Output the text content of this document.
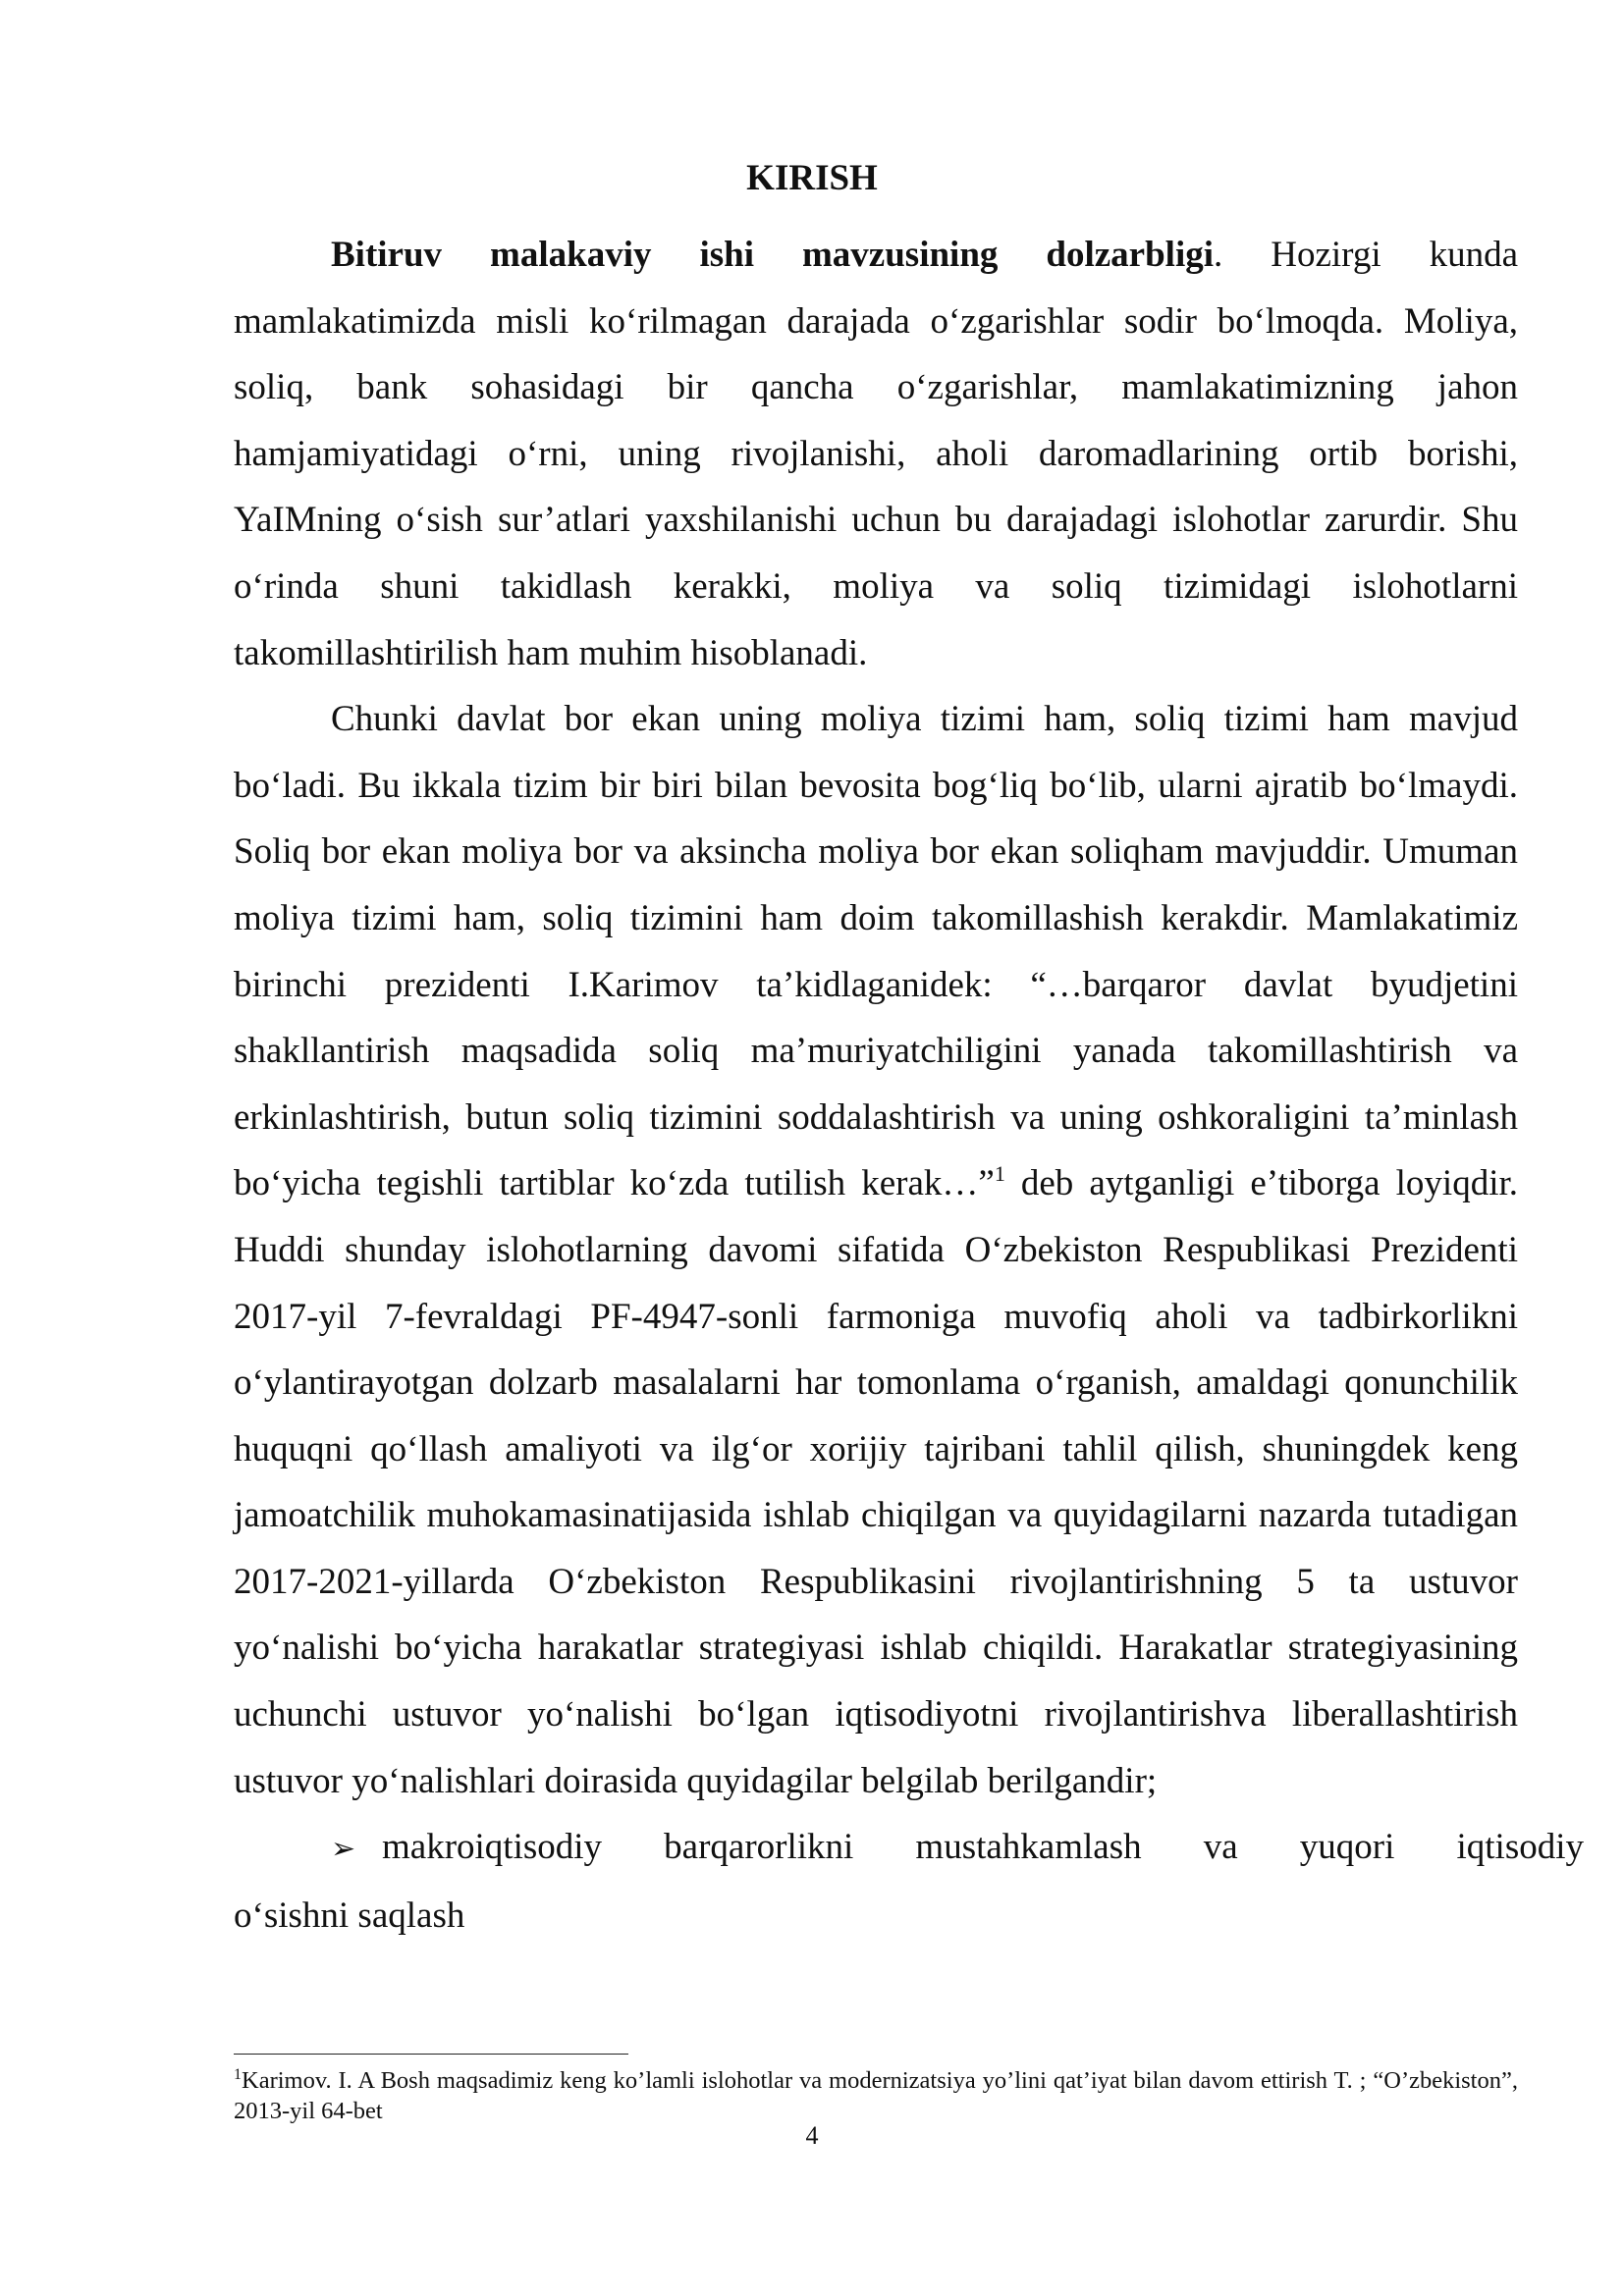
KIRISH

Bitiruv malakaviy ishi mavzusining dolzarbligi. Hozirgi kunda mamlakatimizda misli ko‘rilmagan darajada o‘zgarishlar sodir bo‘lmoqda. Moliya, soliq, bank sohasidagi bir qancha o‘zgarishlar, mamlakatimizning jahon hamjamiyatidagi o‘rni, uning rivojlanishi, aholi daromadlarining ortib borishi, YaIMning o‘sish sur’atlari yaxshilanishi uchun bu darajadagi islohotlar zarurdir. Shu o‘rinda shuni takidlash kerakki, moliya va soliq tizimidagi islohotlarni takomillashtirilish ham muhim hisoblanadi.

Chunki davlat bor ekan uning moliya tizimi ham, soliq tizimi ham mavjud bo‘ladi. Bu ikkala tizim bir biri bilan bevosita bog‘liq bo‘lib, ularni ajratib bo‘lmaydi. Soliq bor ekan moliya bor va aksincha moliya bor ekan soliqham mavjuddir. Umuman moliya tizimi ham, soliq tizimini ham doim takomillashish kerakdir. Mamlakatimiz birinchi prezidenti I.Karimov ta’kidlaganidek: “…barqaror davlat byudjetini shakllantirish maqsadida soliq ma’muriyatchiligini yanada takomillashtirish va erkinlashtirish, butun soliq tizimini soddalashtirish va uning oshkoraligini ta’minlash bo‘yicha tegishli tartiblar ko‘zda tutilish kerak…”$^1$ deb aytganligi e’tiborga loyiqdir. Huddi shunday islohotlarning davomi sifatida O‘zbekiston Respublikasi Prezidenti 2017-yil 7-fevraldagi PF-4947-sonli farmoniga muvofiq aholi va tadbirkorlikni o‘ylantirayotgan dolzarb masalalarni har tomonlama o‘rganish, amaldagi qonunchilik huquqni qo‘llash amaliyoti va ilg‘or xorijiy tajribani tahlil qilish, shuningdek keng jamoatchilik muhokamasinatijasida ishlab chiqilgan va quyidagilarni nazarda tutadigan 2017-2021-yillarda O‘zbekiston Respublikasini rivojlantirishning 5 ta ustuvor yo‘nalishi bo‘yicha harakatlar strategiyasi ishlab chiqildi. Harakatlar strategiyasining uchunchi ustuvor yo‘nalishi bo‘lgan iqtisodiyotni rivojlantirishva liberallashtirish ustuvor yo‘nalishlari doirasida quyidagilar belgilab berilgandir;

➢ makroiqtisodiy barqarorlikni mustahkamlash va yuqori iqtisodiy

o‘sishni saqlash

$^1$Karimov. I. A Bosh maqsadimiz keng ko’lamli islohotlar va modernizatsiya yo’lini qat’iyat bilan davom ettirish T. ; “O’zbekiston”, 2013-yil 64-bet
4
